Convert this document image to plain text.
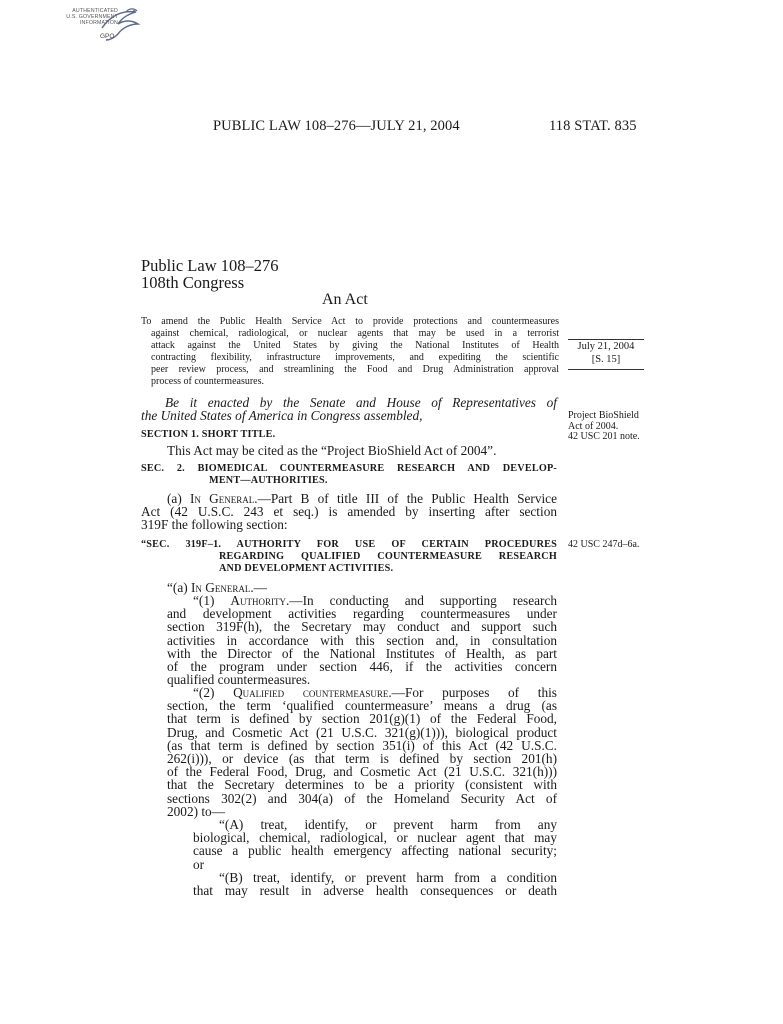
AUTHENTICATED
U.S. GOVERNMENT
INFORMATION
GPO
PUBLIC LAW 108–276—JULY 21, 2004	118 STAT. 835
Public Law 108–276
108th Congress
An Act
To amend the Public Health Service Act to provide protections and countermeasures
against chemical, radiological, or nuclear agents that may be used in a terrorist
attack against the United States by giving the National Institutes of Health
contracting flexibility, infrastructure improvements, and expediting the scientific
peer review process, and streamlining the Food and Drug Administration approval
process of countermeasures.
July 21, 2004
[S. 15]
Project BioShield
Act of 2004.
42 USC 201 note.
42 USC 247d–6a.
Be it enacted by the Senate and House of Representatives of
the United States of America in Congress assembled,
SECTION 1. SHORT TITLE.
This Act may be cited as the “Project BioShield Act of 2004”.
SEC. 2. BIOMEDICAL COUNTERMEASURE RESEARCH AND DEVELOP-
MENT—AUTHORITIES.
(a) In General.—Part B of title III of the Public Health Service
Act (42 U.S.C. 243 et seq.) is amended by inserting after section
319F the following section:
“SEC. 319F–1. AUTHORITY FOR USE OF CERTAIN PROCEDURES
REGARDING QUALIFIED COUNTERMEASURE RESEARCH
AND DEVELOPMENT ACTIVITIES.
“(a) In General.—
“(1) Authority.—In conducting and supporting research
and development activities regarding countermeasures under
section 319F(h), the Secretary may conduct and support such
activities in accordance with this section and, in consultation
with the Director of the National Institutes of Health, as part
of the program under section 446, if the activities concern
qualified countermeasures.
“(2) Qualified countermeasure.—For purposes of this
section, the term ‘qualified countermeasure’ means a drug (as
that term is defined by section 201(g)(1) of the Federal Food,
Drug, and Cosmetic Act (21 U.S.C. 321(g)(1))), biological product
(as that term is defined by section 351(i) of this Act (42 U.S.C.
262(i))), or device (as that term is defined by section 201(h)
of the Federal Food, Drug, and Cosmetic Act (21 U.S.C. 321(h)))
that the Secretary determines to be a priority (consistent with
sections 302(2) and 304(a) of the Homeland Security Act of
2002) to—
“(A) treat, identify, or prevent harm from any
biological, chemical, radiological, or nuclear agent that may
cause a public health emergency affecting national security;
or
“(B) treat, identify, or prevent harm from a condition
that may result in adverse health consequences or death
